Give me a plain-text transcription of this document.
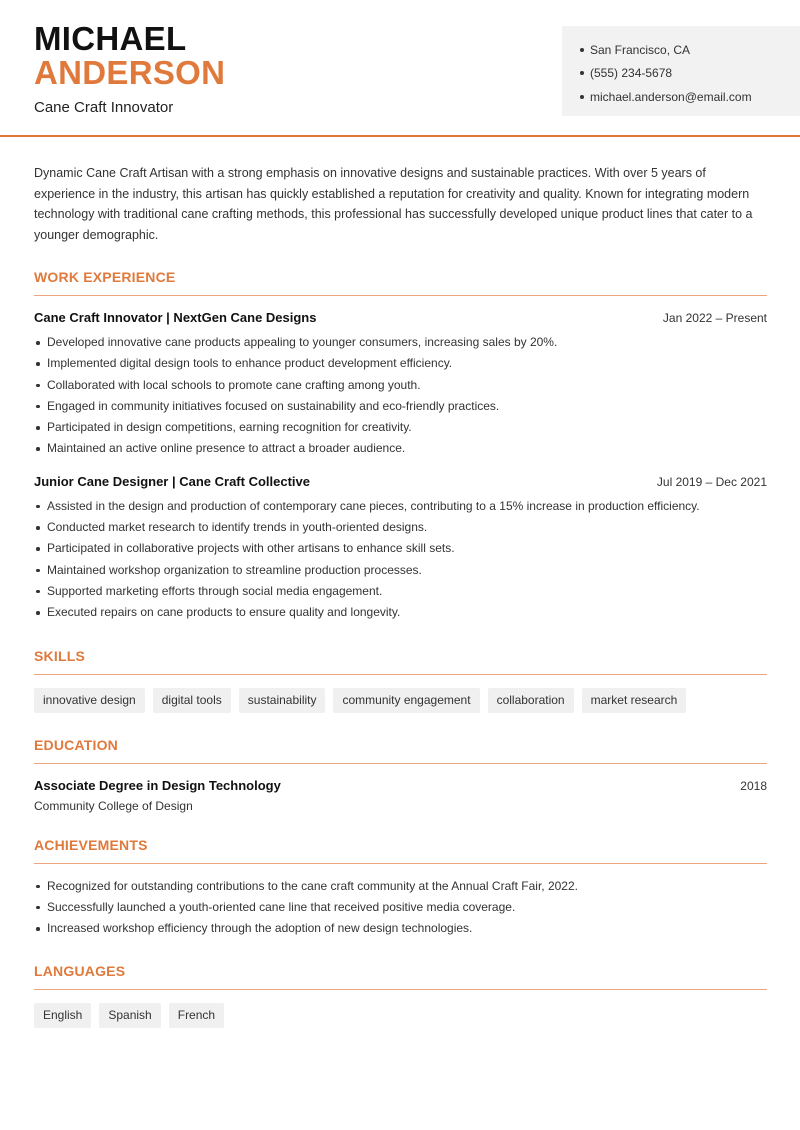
MICHAEL
ANDERSON
Cane Craft Innovator
San Francisco, CA
(555) 234-5678
michael.anderson@email.com

Dynamic Cane Craft Artisan with a strong emphasis on innovative designs and sustainable practices. With over 5 years of experience in the industry, this artisan has quickly established a reputation for creativity and quality. Known for integrating modern technology with traditional cane crafting methods, this professional has successfully developed unique product lines that cater to a younger demographic.

WORK EXPERIENCE
Cane Craft Innovator | NextGen Cane Designs	Jan 2022 – Present
Developed innovative cane products appealing to younger consumers, increasing sales by 20%.
Implemented digital design tools to enhance product development efficiency.
Collaborated with local schools to promote cane crafting among youth.
Engaged in community initiatives focused on sustainability and eco-friendly practices.
Participated in design competitions, earning recognition for creativity.
Maintained an active online presence to attract a broader audience.
Junior Cane Designer | Cane Craft Collective	Jul 2019 – Dec 2021
Assisted in the design and production of contemporary cane pieces, contributing to a 15% increase in production efficiency.
Conducted market research to identify trends in youth-oriented designs.
Participated in collaborative projects with other artisans to enhance skill sets.
Maintained workshop organization to streamline production processes.
Supported marketing efforts through social media engagement.
Executed repairs on cane products to ensure quality and longevity.
SKILLS
innovative design	digital tools	sustainability	community engagement	collaboration	market research
EDUCATION
Associate Degree in Design Technology	2018
Community College of Design
ACHIEVEMENTS
Recognized for outstanding contributions to the cane craft community at the Annual Craft Fair, 2022.
Successfully launched a youth-oriented cane line that received positive media coverage.
Increased workshop efficiency through the adoption of new design technologies.
LANGUAGES
English	Spanish	French
